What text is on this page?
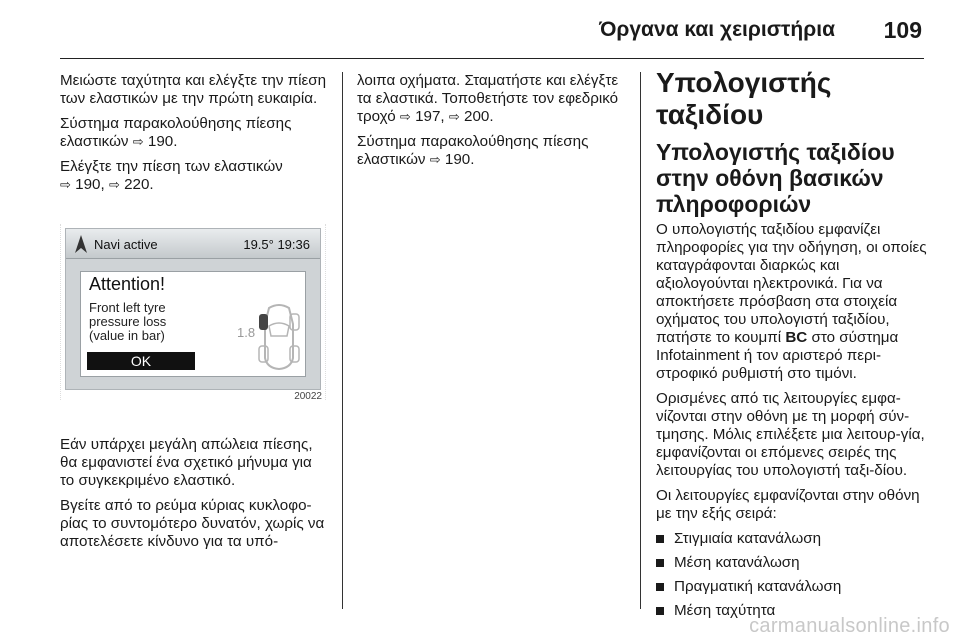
Όργανα και χειριστήρια 109

Μειώστε ταχύτητα και ελέγξτε την πίεση των ελαστικών με την πρώτη ευκαιρία.

Σύστημα παρακολούθησης πίεσης ελαστικών ⇨ 190.

Ελέγξτε την πίεση των ελαστικών
⇨ 190, ⇨ 220.

Navi active	19.5° 19:36
Attention!
Front left tyre
pressure loss
(value in bar)	1.8
OK
20022

Εάν υπάρχει μεγάλη απώλεια πίεσης, θα εμφανιστεί ένα σχετικό μήνυμα για το συγκεκριμένο ελαστικό.

Βγείτε από το ρεύμα κύριας κυκλοφο-ρίας το συντομότερο δυνατόν, χωρίς να αποτελέσετε κίνδυνο για τα υπό-

λοιπα οχήματα. Σταματήστε και ελέγξτε τα ελαστικά. Τοποθετήστε τον εφεδρικό τροχό ⇨ 197, ⇨ 200.

Σύστημα παρακολούθησης πίεσης ελαστικών ⇨ 190.

Υπολογιστής ταξιδίου
Υπολογιστής ταξιδίου στην οθόνη βασικών πληροφοριών

Ο υπολογιστής ταξιδίου εμφανίζει πληροφορίες για την οδήγηση, οι οποίες καταγράφονται διαρκώς και αξιολογούνται ηλεκτρονικά. Για να αποκτήσετε πρόσβαση στα στοιχεία οχήματος του υπολογιστή ταξιδίου, πατήστε το κουμπί BC στο σύστημα Infotainment ή τον αριστερό περι-στροφικό ρυθμιστή στο τιμόνι.

Ορισμένες από τις λειτουργίες εμφα-νίζονται στην οθόνη με τη μορφή σύν-τμησης. Μόλις επιλέξετε μια λειτουρ-γία, εμφανίζονται οι επόμενες σειρές της λειτουργίας του υπολογιστή ταξι-δίου.

Οι λειτουργίες εμφανίζονται στην οθόνη με την εξής σειρά:

Στιγμιαία κατανάλωση
Μέση κατανάλωση
Πραγματική κατανάλωση
Μέση ταχύτητα
carmanualsonline.info
